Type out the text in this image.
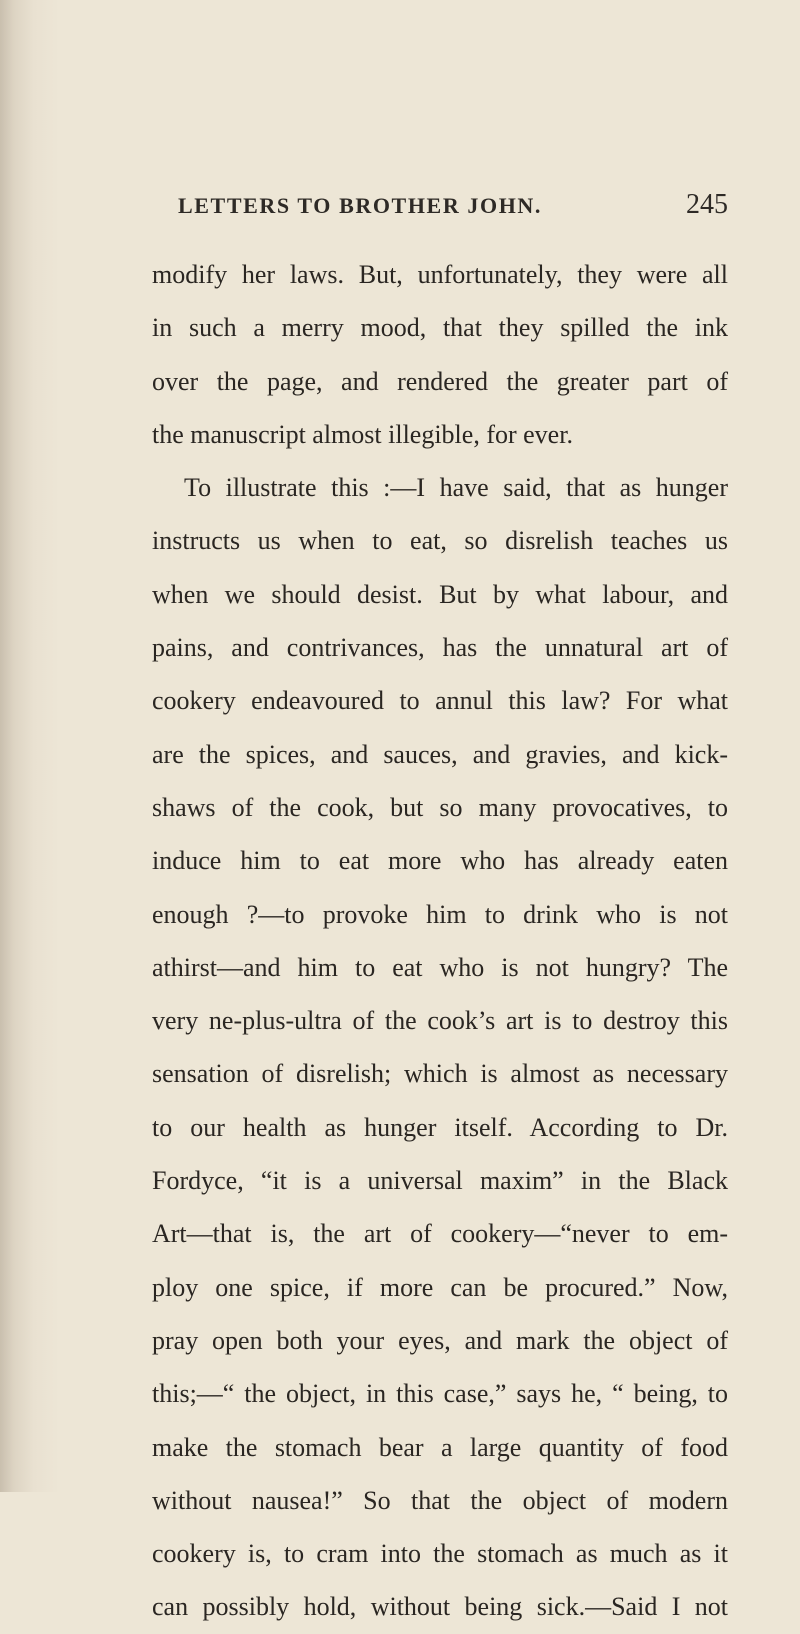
LETTERS TO BROTHER JOHN.	245
modify her laws. But, unfortunately, they were all
in such a merry mood, that they spilled the ink
over the page, and rendered the greater part of
the manuscript almost illegible, for ever.
To illustrate this :—I have said, that as hunger
instructs us when to eat, so disrelish teaches us
when we should desist. But by what labour, and
pains, and contrivances, has the unnatural art of
cookery endeavoured to annul this law? For what
are the spices, and sauces, and gravies, and kick-
shaws of the cook, but so many provocatives, to
induce him to eat more who has already eaten
enough ?—to provoke him to drink who is not
athirst—and him to eat who is not hungry? The
very ne-plus-ultra of the cook’s art is to destroy this
sensation of disrelish; which is almost as necessary
to our health as hunger itself. According to Dr.
Fordyce, “it is a universal maxim” in the Black
Art—that is, the art of cookery—“never to em-
ploy one spice, if more can be procured.” Now,
pray open both your eyes, and mark the object of
this;—“ the object, in this case,” says he, “ being, to
make the stomach bear a large quantity of food
without nausea!” So that the object of modern
cookery is, to cram into the stomach as much as it
can possibly hold, without being sick.—Said I not
